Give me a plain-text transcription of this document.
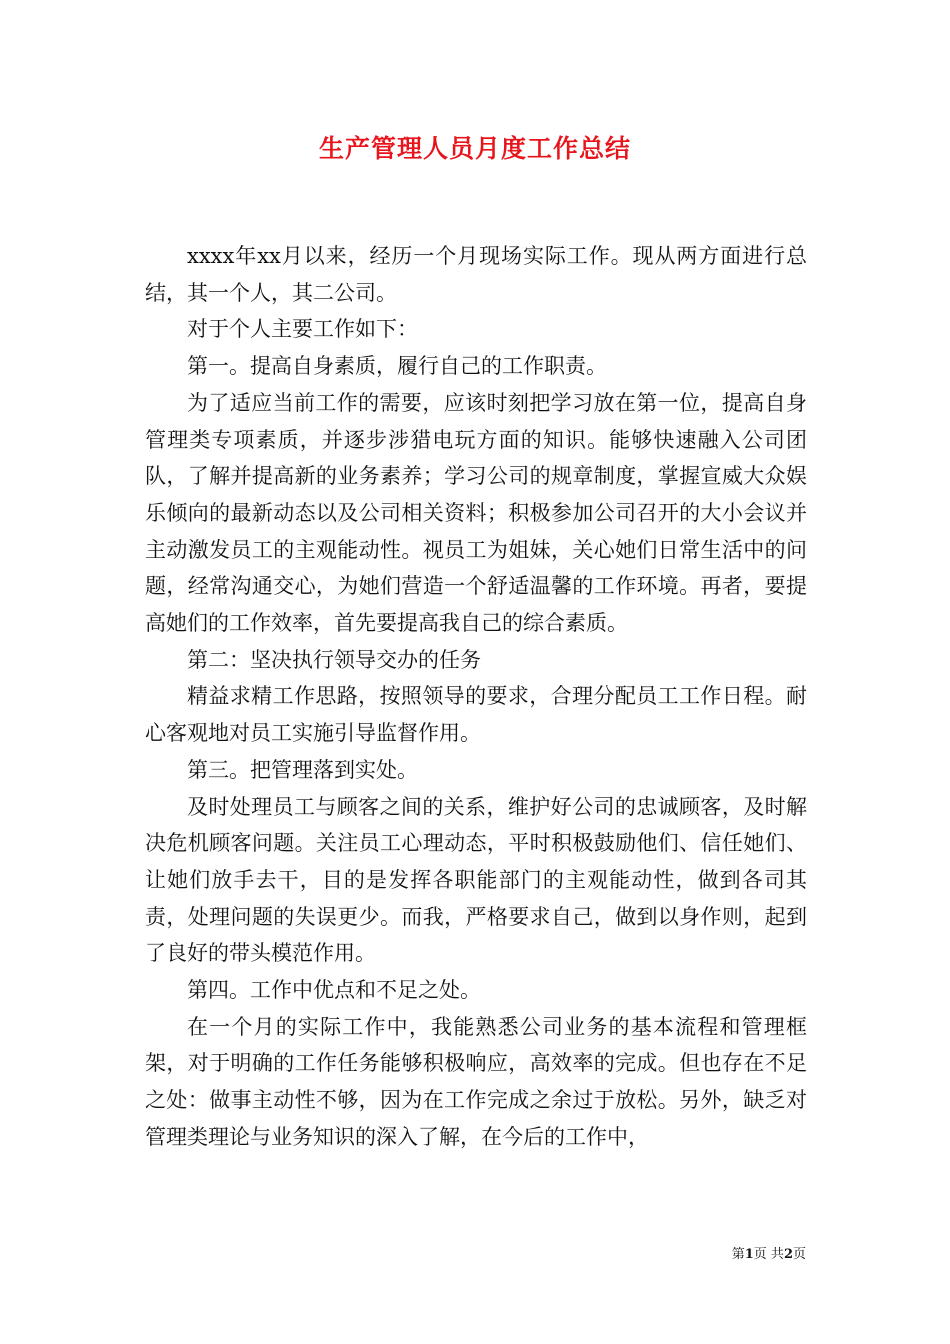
生产管理人员月度工作总结

xxxx年xx月以来，经历一个月现场实际工作。现从两方面进行总结，其一个人，其二公司。

对于个人主要工作如下：

第一。提高自身素质，履行自己的工作职责。

为了适应当前工作的需要，应该时刻把学习放在第一位，提高自身管理类专项素质，并逐步涉猎电玩方面的知识。能够快速融入公司团队，了解并提高新的业务素养；学习公司的规章制度，掌握宣威大众娱乐倾向的最新动态以及公司相关资料；积极参加公司召开的大小会议并主动激发员工的主观能动性。视员工为姐妹，关心她们日常生活中的问题，经常沟通交心，为她们营造一个舒适温馨的工作环境。再者，要提高她们的工作效率，首先要提高我自己的综合素质。

第二：坚决执行领导交办的任务

精益求精工作思路，按照领导的要求，合理分配员工工作日程。耐心客观地对员工实施引导监督作用。

第三。把管理落到实处。

及时处理员工与顾客之间的关系，维护好公司的忠诚顾客，及时解决危机顾客问题。关注员工心理动态，平时积极鼓励他们、信任她们、让她们放手去干，目的是发挥各职能部门的主观能动性，做到各司其责，处理问题的失误更少。而我，严格要求自己，做到以身作则，起到了良好的带头模范作用。

第四。工作中优点和不足之处。

在一个月的实际工作中，我能熟悉公司业务的基本流程和管理框架，对于明确的工作任务能够积极响应，高效率的完成。但也存在不足之处：做事主动性不够，因为在工作完成之余过于放松。另外，缺乏对管理类理论与业务知识的深入了解，在今后的工作中，

第1页 共2页
